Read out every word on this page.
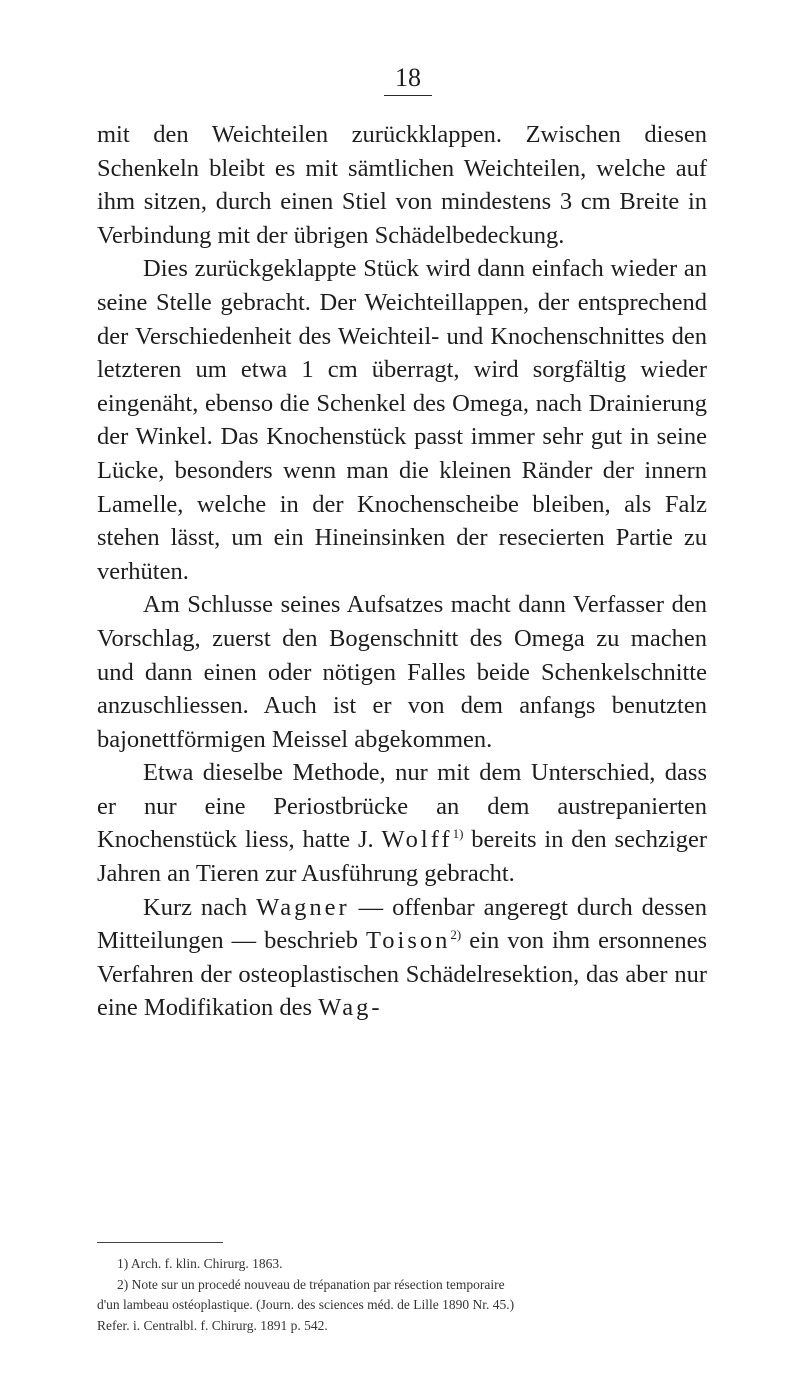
18

mit den Weichteilen zurückklappen. Zwischen diesen Schenkeln bleibt es mit sämtlichen Weichteilen, welche auf ihm sitzen, durch einen Stiel von mindestens 3 cm Breite in Verbindung mit der übrigen Schädelbedeckung.

Dies zurückgeklappte Stück wird dann einfach wieder an seine Stelle gebracht. Der Weichteillappen, der entsprechend der Verschiedenheit des Weichteil- und Knochenschnittes den letzteren um etwa 1 cm überragt, wird sorgfältig wieder eingenäht, ebenso die Schenkel des Omega, nach Drainierung der Winkel. Das Knochenstück passt immer sehr gut in seine Lücke, besonders wenn man die kleinen Ränder der innern Lamelle, welche in der Knochenscheibe bleiben, als Falz stehen lässt, um ein Hineinsinken der resecierten Partie zu verhüten.

Am Schlusse seines Aufsatzes macht dann Verfasser den Vorschlag, zuerst den Bogenschnitt des Omega zu machen und dann einen oder nötigen Falles beide Schenkelschnitte anzuschliessen. Auch ist er von dem anfangs benutzten bajonettförmigen Meissel abgekommen.

Etwa dieselbe Methode, nur mit dem Unterschied, dass er nur eine Periostbrücke an dem austrepanierten Knochenstück liess, hatte J. Wolff$^{1)}$ bereits in den sechziger Jahren an Tieren zur Ausführung gebracht.

Kurz nach Wagner — offenbar angeregt durch dessen Mitteilungen — beschrieb Toison$^{2)}$ ein von ihm ersonnenes Verfahren der osteoplastischen Schädelresektion, das aber nur eine Modifikation des Wag-

1) Arch. f. klin. Chirurg. 1863.

2) Note sur un procedé nouveau de trépanation par résection temporaire

d'un lambeau ostéoplastique. (Journ. des sciences méd. de Lille 1890 Nr. 45.)

Refer. i. Centralbl. f. Chirurg. 1891 p. 542.
